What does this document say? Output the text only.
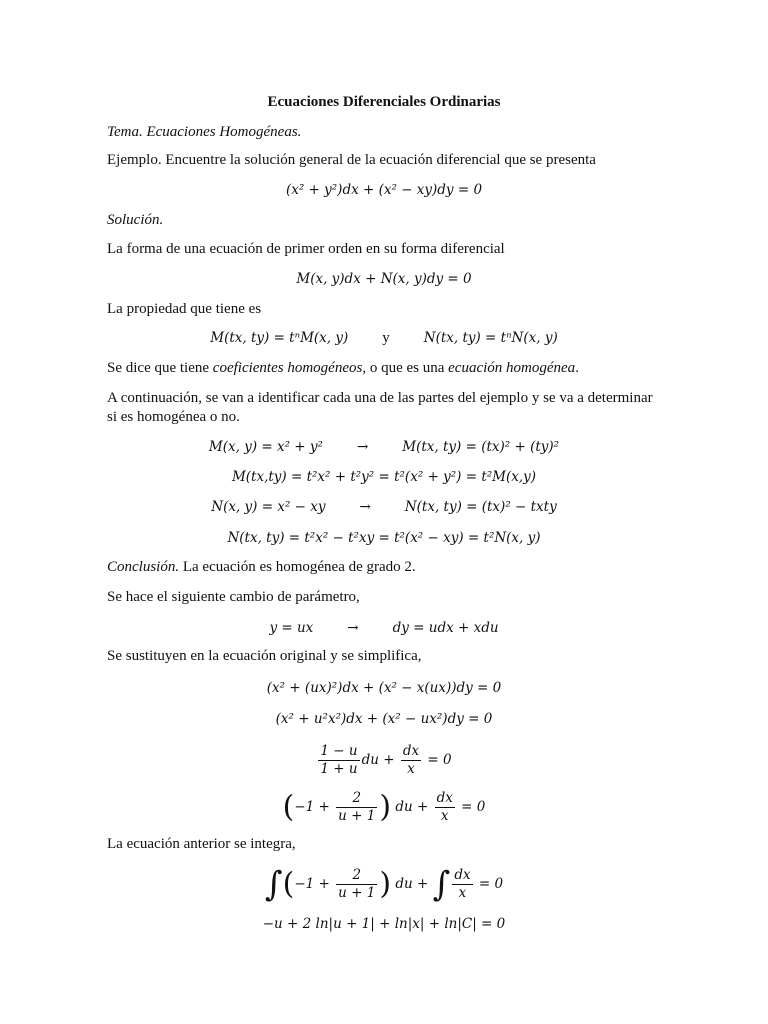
Ecuaciones Diferenciales Ordinarias
Tema. Ecuaciones Homogéneas.
Ejemplo. Encuentre la solución general de la ecuación diferencial que se presenta
(x² + y²)dx + (x² − xy)dy = 0
Solución.
La forma de una ecuación de primer orden en su forma diferencial
M(x, y)dx + N(x, y)dy = 0
La propiedad que tiene es
M(tx, ty) = tⁿM(x, y) y	N(tx, ty) = tⁿN(x, y)
Se dice que tiene coeficientes homogéneos, o que es una ecuación homogénea.
A continuación, se van a identificar cada una de las partes del ejemplo y se va a determinar
si es homogénea o no.
M(x, y) = x² + y²	→	M(tx, ty) = (tx)² + (ty)²
M(tx,ty) = t²x² + t²y² = t²(x² + y²) = t²M(x,y)
N(x, y) = x² − xy	→	N(tx, ty) = (tx)² − txty
N(tx, ty) = t²x² − t²xy = t²(x² − xy) = t²N(x, y)
Conclusión. La ecuación es homogénea de grado 2.
Se hace el siguiente cambio de parámetro,
y = ux	→	dy = udx + xdu
Se sustituyen en la ecuación original y se simplifica,
(x² + (ux)²)dx + (x² − x(ux))dy = 0
(x² + u²x²)dx + (x² − ux²)dy = 0
$\frac{1 - u}{1 + u}$ du + $\frac{dx}{x} = 0$
($-1 + \frac{2}{u + 1}$ ) du + $\frac{dx}{x} = 0$
La ecuación anterior se integra,
$\int(-1 + \frac{2}{u + 1}$ ) du + ∫ $\frac{dx}{x} = 0$
−u + 2 ln|u + 1| + ln|x| + ln|C| = 0
